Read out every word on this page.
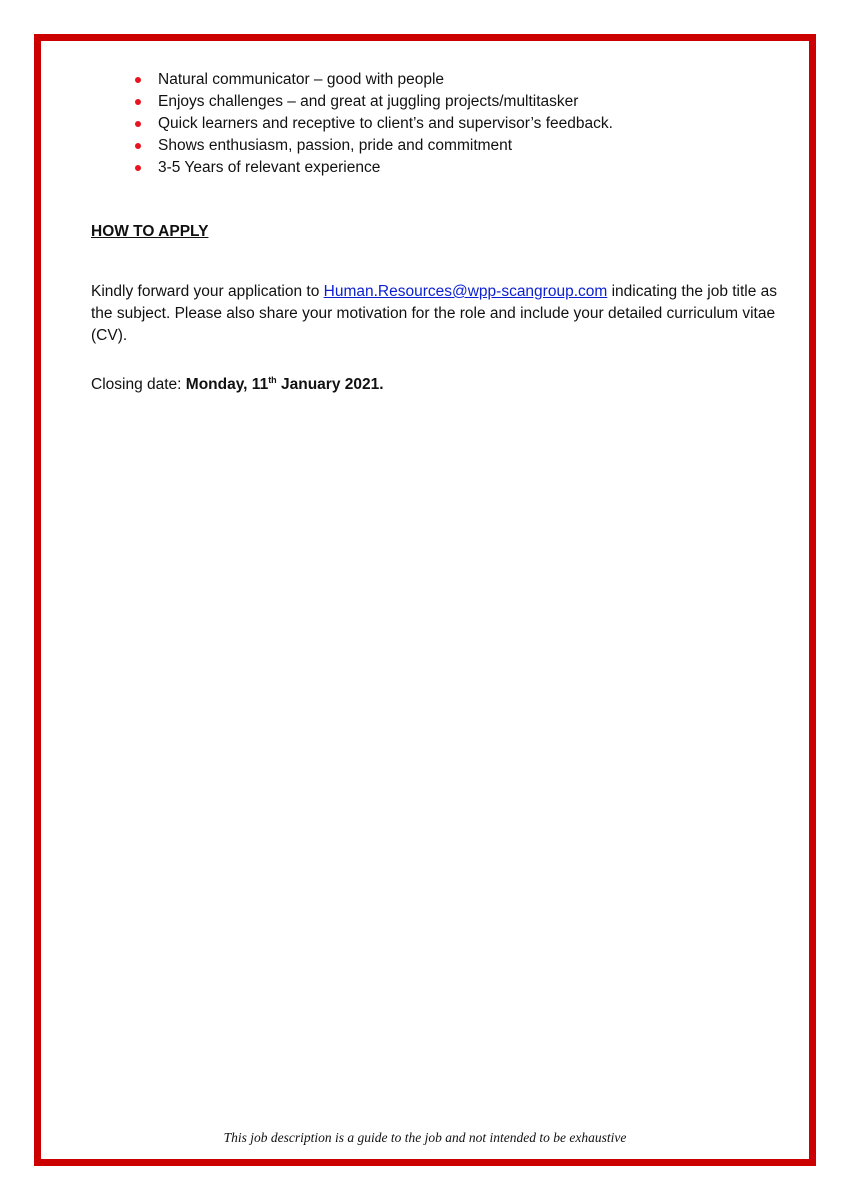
Natural communicator – good with people
Enjoys challenges – and great at juggling projects/multitasker
Quick learners and receptive to client’s and supervisor’s feedback.
Shows enthusiasm, passion, pride and commitment
3-5 Years of relevant experience
HOW TO APPLY
Kindly forward your application to Human.Resources@wpp-scangroup.com indicating the job title as the subject. Please also share your motivation for the role and include your detailed curriculum vitae (CV).
Closing date: Monday, 11th January 2021.
This job description is a guide to the job and not intended to be exhaustive
